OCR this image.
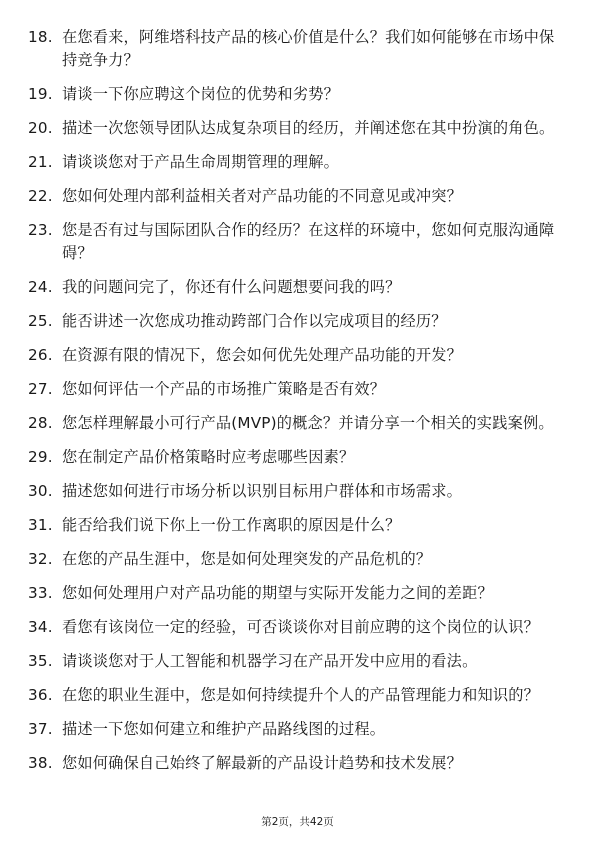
18. 在您看来，阿维塔科技产品的核心价值是什么？我们如何能够在市场中保持竞争力？
19. 请谈一下你应聘这个岗位的优势和劣势？
20. 描述一次您领导团队达成复杂项目的经历，并阐述您在其中扮演的角色。
21. 请谈谈您对于产品生命周期管理的理解。
22. 您如何处理内部利益相关者对产品功能的不同意见或冲突？
23. 您是否有过与国际团队合作的经历？在这样的环境中，您如何克服沟通障碍？
24. 我的问题问完了，你还有什么问题想要问我的吗？
25. 能否讲述一次您成功推动跨部门合作以完成项目的经历？
26. 在资源有限的情况下，您会如何优先处理产品功能的开发？
27. 您如何评估一个产品的市场推广策略是否有效？
28. 您怎样理解最小可行产品(MVP)的概念？并请分享一个相关的实践案例。
29. 您在制定产品价格策略时应考虑哪些因素？
30. 描述您如何进行市场分析以识别目标用户群体和市场需求。
31. 能否给我们说下你上一份工作离职的原因是什么？
32. 在您的产品生涯中，您是如何处理突发的产品危机的？
33. 您如何处理用户对产品功能的期望与实际开发能力之间的差距？
34. 看您有该岗位一定的经验，可否谈谈你对目前应聘的这个岗位的认识？
35. 请谈谈您对于人工智能和机器学习在产品开发中应用的看法。
36. 在您的职业生涯中，您是如何持续提升个人的产品管理能力和知识的？
37. 描述一下您如何建立和维护产品路线图的过程。
38. 您如何确保自己始终了解最新的产品设计趋势和技术发展？
第2页，共42页
